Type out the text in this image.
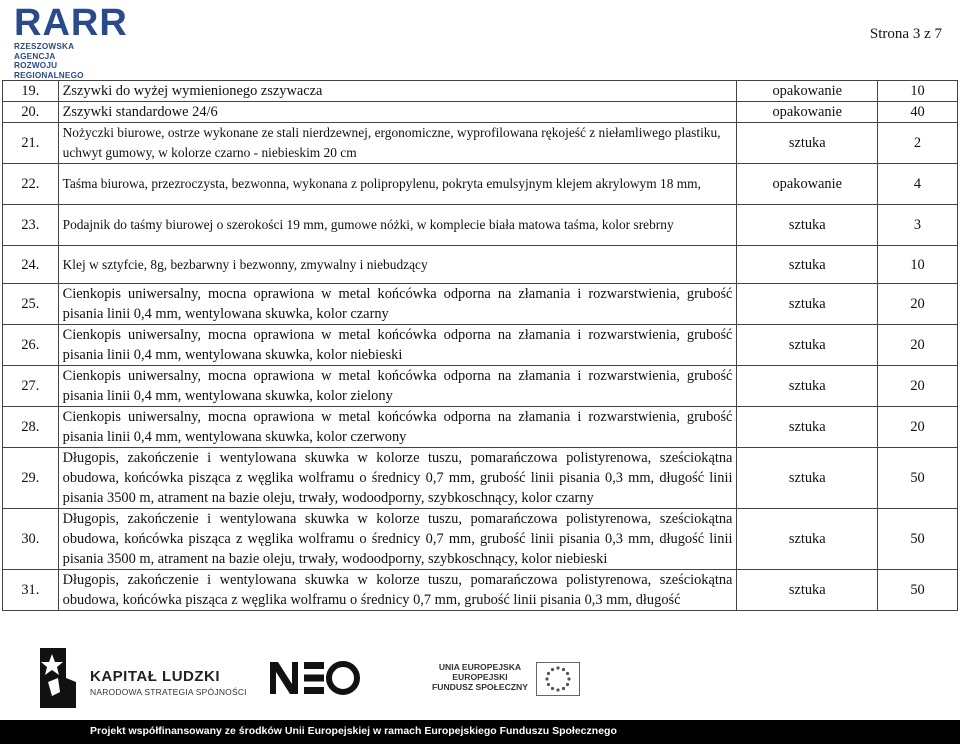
RARR
RZESZOWSKA AGENCJA
ROZWOJU REGIONALNEGO
Strona 3 z 7
19.	Zszywki do wyżej wymienionego zszywacza	opakowanie	10
20.	Zszywki standardowe 24/6	opakowanie	40
21.	Nożyczki biurowe, ostrze wykonane ze stali nierdzewnej, ergonomiczne, wyprofilowana rękojeść z niełamliwego plastiku, uchwyt gumowy, w kolorze czarno - niebieskim 20 cm	sztuka	2
22.	Taśma biurowa, przezroczysta, bezwonna, wykonana z polipropylenu, pokryta emulsyjnym klejem akrylowym 18 mm,	opakowanie	4
23.	Podajnik do taśmy biurowej o szerokości 19 mm, gumowe nóżki, w komplecie biała matowa taśma, kolor srebrny	sztuka	3
24.	Klej w sztyfcie, 8g, bezbarwny i bezwonny, zmywalny i niebudzący	sztuka	10
25.	Cienkopis uniwersalny, mocna oprawiona w metal końcówka odporna na złamania i rozwarstwienia, grubość pisania linii 0,4 mm, wentylowana skuwka, kolor czarny	sztuka	20
26.	Cienkopis uniwersalny, mocna oprawiona w metal końcówka odporna na złamania i rozwarstwienia, grubość pisania linii 0,4 mm, wentylowana skuwka, kolor niebieski	sztuka	20
27.	Cienkopis uniwersalny, mocna oprawiona w metal końcówka odporna na złamania i rozwarstwienia, grubość pisania linii 0,4 mm, wentylowana skuwka, kolor zielony	sztuka	20
28.	Cienkopis uniwersalny, mocna oprawiona w metal końcówka odporna na złamania i rozwarstwienia, grubość pisania linii 0,4 mm, wentylowana skuwka, kolor czerwony	sztuka	20
29.	Długopis, zakończenie i wentylowana skuwka w kolorze tuszu, pomarańczowa polistyrenowa, sześciokątna obudowa, końcówka pisząca z węglika wolframu o średnicy 0,7 mm, grubość linii pisania 0,3 mm, długość linii pisania 3500 m, atrament na bazie oleju, trwały, wodoodporny, szybkoschnący, kolor czarny	sztuka	50
30.	Długopis, zakończenie i wentylowana skuwka w kolorze tuszu, pomarańczowa polistyrenowa, sześciokątna obudowa, końcówka pisząca z węglika wolframu o średnicy 0,7 mm, grubość linii pisania 0,3 mm, długość linii pisania 3500 m, atrament na bazie oleju, trwały, wodoodporny, szybkoschnący, kolor niebieski	sztuka	50
31.	Długopis, zakończenie i wentylowana skuwka w kolorze tuszu, pomarańczowa polistyrenowa, sześciokątna obudowa, końcówka pisząca z węglika wolframu o średnicy 0,7 mm, grubość linii pisania 0,3 mm, długość	sztuka	50
KAPITAŁ LUDZKI
NARODOWA STRATEGIA SPÓJNOŚCI
UNIA EUROPEJSKA
EUROPEJSKI
FUNDUSZ SPOŁECZNY
Projekt współfinansowany ze środków Unii Europejskiej w ramach Europejskiego Funduszu Społecznego
